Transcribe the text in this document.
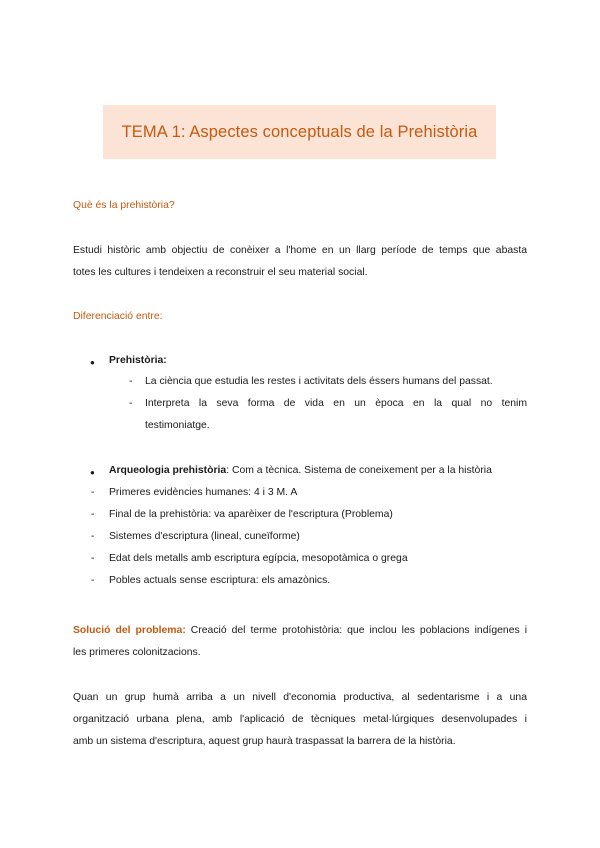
TEMA 1: Aspectes conceptuals de la Prehistòria
Què és la prehistòria?
Estudi històric amb objectiu de conèixer a l'home en un llarg període de temps que abasta
totes les cultures i tendeixen a reconstruir el seu material social.
Diferenciació entre:
● Prehistòria:
- La ciència que estudia les restes i activitats dels éssers humans del passat.
- Interpreta la seva forma de vida en un època en la qual no tenim
testimoniatge.
● Arqueologia prehistòria: Com a tècnica. Sistema de coneixement per a la història
- Primeres evidències humanes: 4 i 3 M. A
- Final de la prehistòria: va aparèixer de l'escriptura (Problema)
- Sistemes d'escriptura (lineal, cuneïforme)
- Edat dels metalls amb escriptura egípcia, mesopotàmica o grega
- Pobles actuals sense escriptura: els amazònics.
Solució del problema: Creació del terme protohistòria: que inclou les poblacions indígenes i
les primeres colonitzacions.
Quan un grup humà arriba a un nivell d'economia productiva, al sedentarisme i a una
organització urbana plena, amb l'aplicació de tècniques metal·lúrgiques desenvolupades i
amb un sistema d'escriptura, aquest grup haurà traspassat la barrera de la història.
